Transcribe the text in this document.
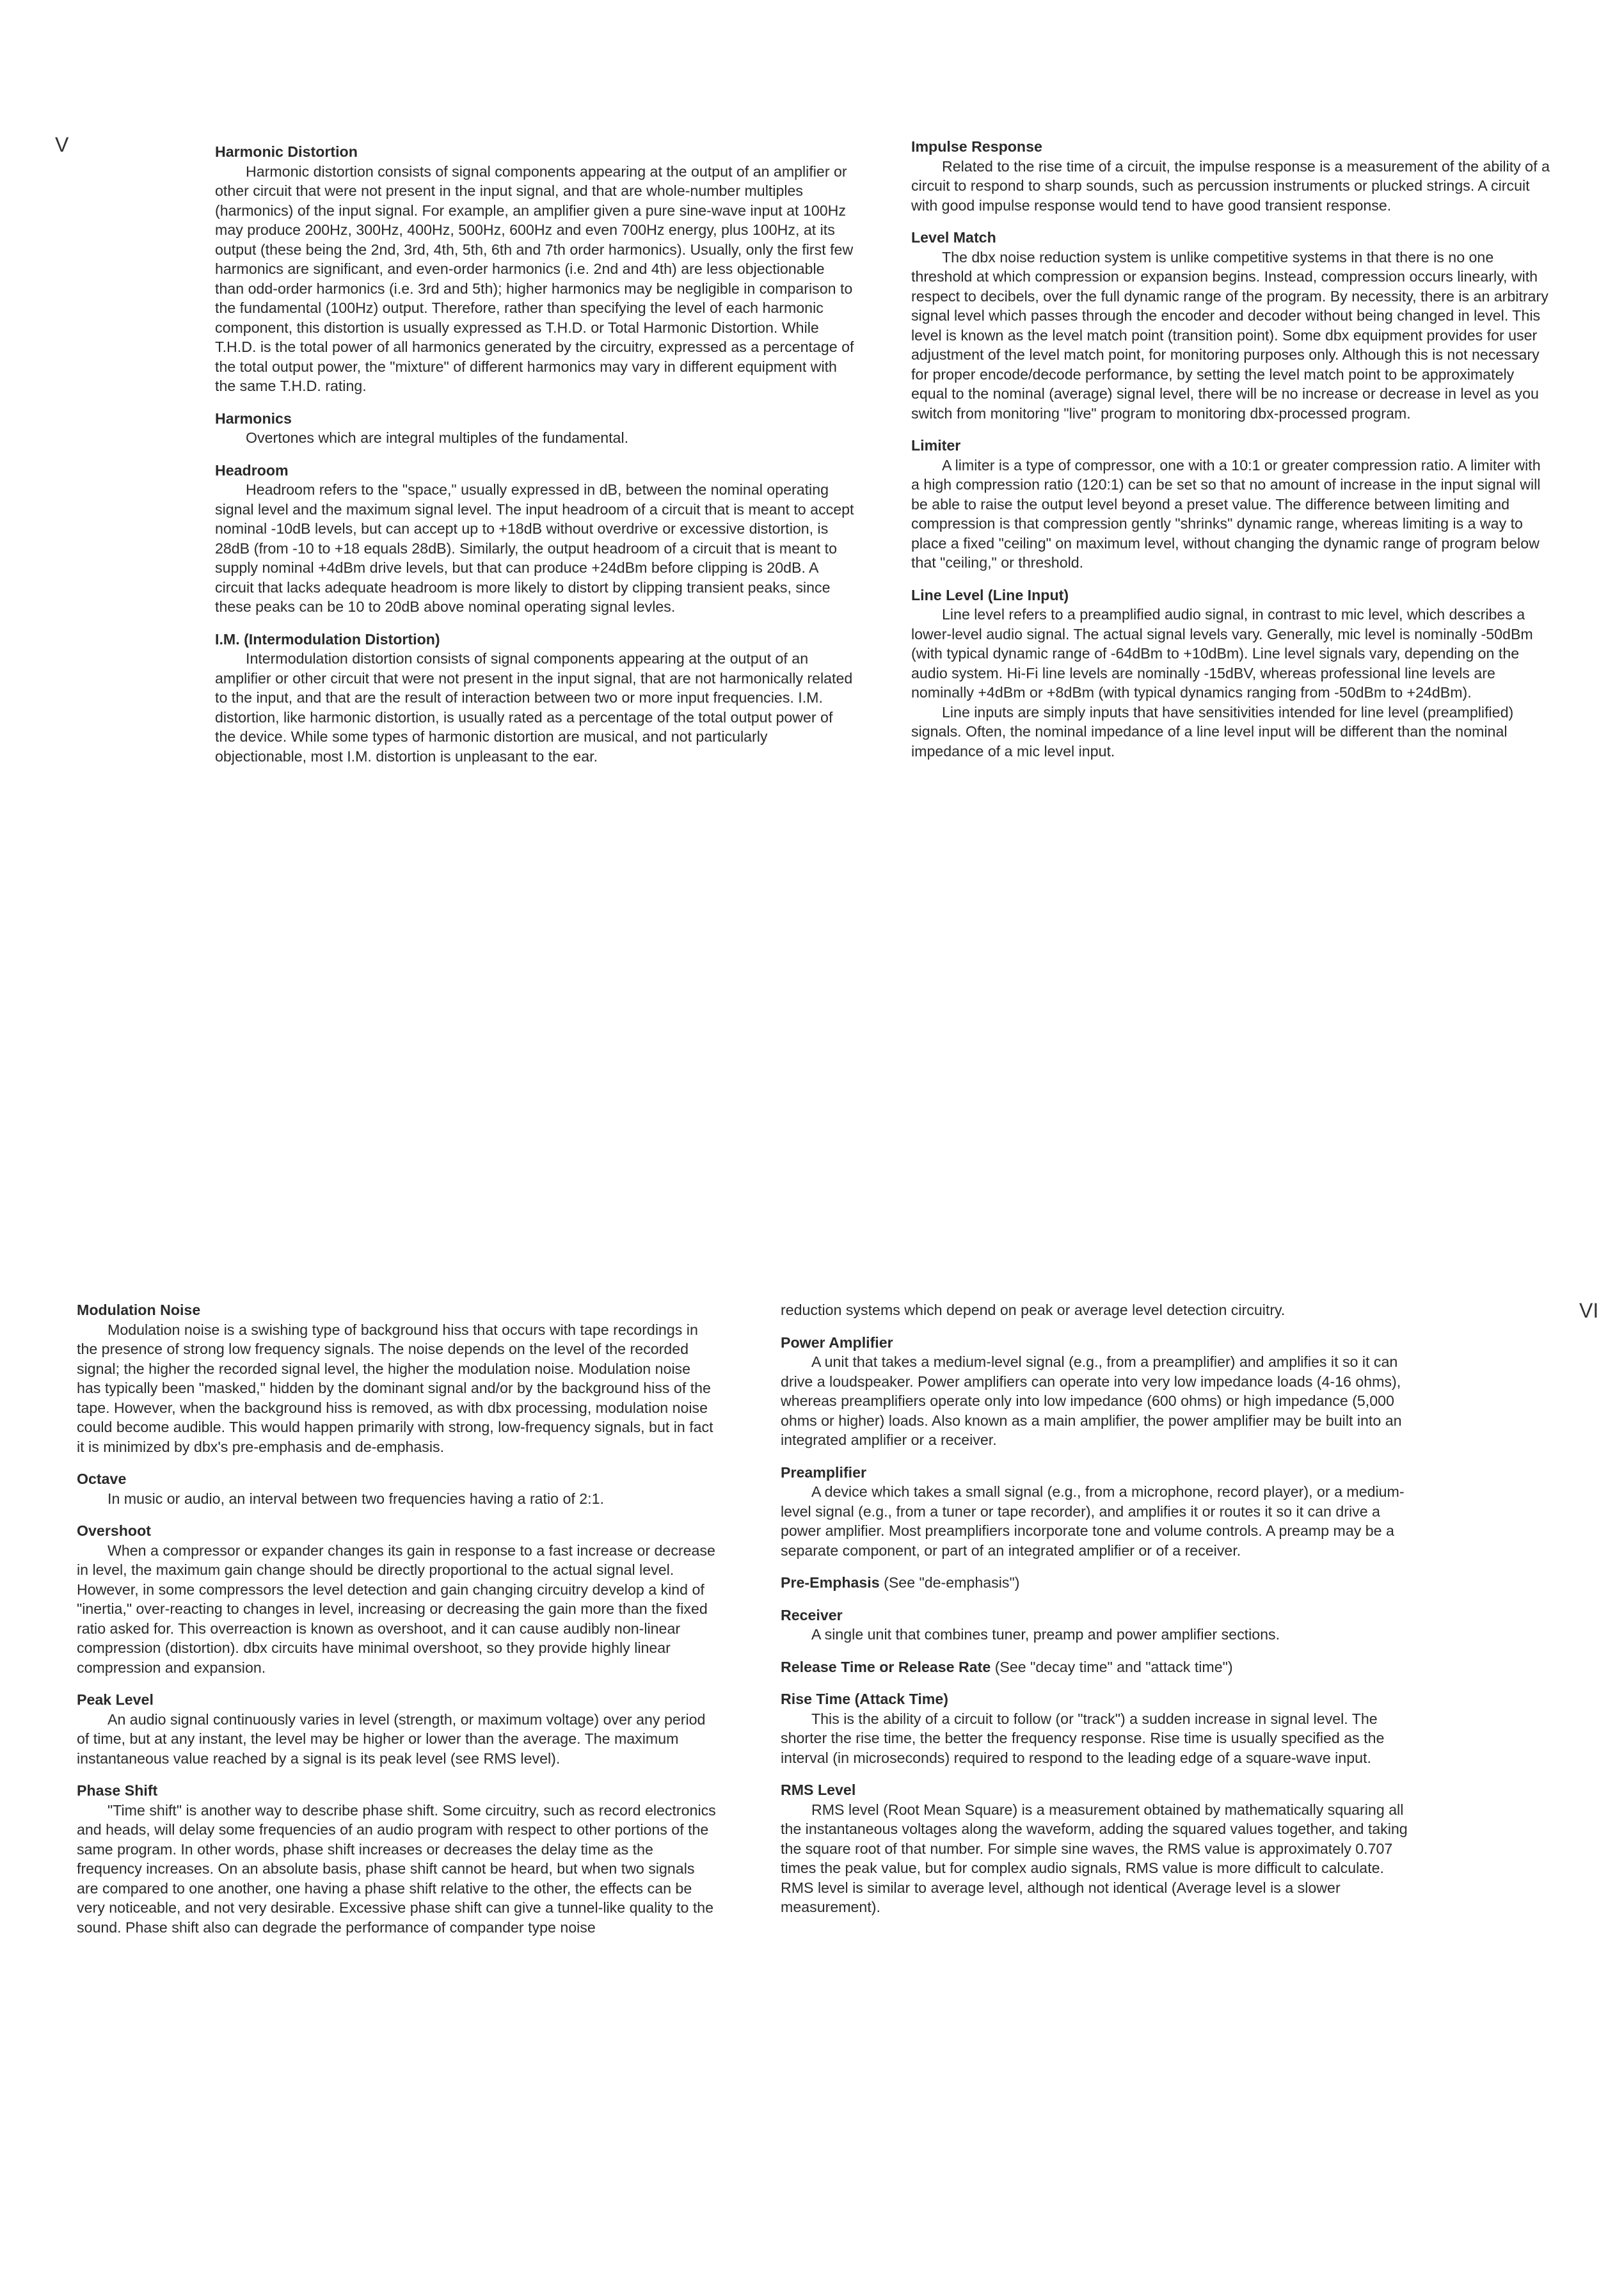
V
VI
Harmonic Distortion

Harmonic distortion consists of signal components appearing at the output of an amplifier or other circuit that were not present in the input signal, and that are whole-number multiples (harmonics) of the input signal. For example, an amplifier given a pure sine-wave input at 100Hz may produce 200Hz, 300Hz, 400Hz, 500Hz, 600Hz and even 700Hz energy, plus 100Hz, at its output (these being the 2nd, 3rd, 4th, 5th, 6th and 7th order harmonics). Usually, only the first few harmonics are significant, and even-order harmonics (i.e. 2nd and 4th) are less objectionable than odd-order harmonics (i.e. 3rd and 5th); higher harmonics may be negligible in comparison to the fundamental (100Hz) output. Therefore, rather than specifying the level of each harmonic component, this distortion is usually expressed as T.H.D. or Total Harmonic Distortion. While T.H.D. is the total power of all harmonics generated by the circuitry, expressed as a percentage of the total output power, the "mixture" of different harmonics may vary in different equipment with the same T.H.D. rating.

Harmonics

Overtones which are integral multiples of the fundamental.

Headroom

Headroom refers to the "space," usually expressed in dB, between the nominal operating signal level and the maximum signal level. The input headroom of a circuit that is meant to accept nominal -10dB levels, but can accept up to +18dB without overdrive or excessive distortion, is 28dB (from -10 to +18 equals 28dB). Similarly, the output headroom of a circuit that is meant to supply nominal +4dBm drive levels, but that can produce +24dBm before clipping is 20dB. A circuit that lacks adequate headroom is more likely to distort by clipping transient peaks, since these peaks can be 10 to 20dB above nominal operating signal levles.

I.M. (Intermodulation Distortion)

Intermodulation distortion consists of signal components appearing at the output of an amplifier or other circuit that were not present in the input signal, that are not harmonically related to the input, and that are the result of interaction between two or more input frequencies. I.M. distortion, like harmonic distortion, is usually rated as a percentage of the total output power of the device. While some types of harmonic distortion are musical, and not particularly objectionable, most I.M. distortion is unpleasant to the ear.

Impulse Response

Related to the rise time of a circuit, the impulse response is a measurement of the ability of a circuit to respond to sharp sounds, such as percussion instruments or plucked strings. A circuit with good impulse response would tend to have good transient response.

Level Match

The dbx noise reduction system is unlike competitive systems in that there is no one threshold at which compression or expansion begins. Instead, compression occurs linearly, with respect to decibels, over the full dynamic range of the program. By necessity, there is an arbitrary signal level which passes through the encoder and decoder without being changed in level. This level is known as the level match point (transition point). Some dbx equipment provides for user adjustment of the level match point, for monitoring purposes only. Although this is not necessary for proper encode/decode performance, by setting the level match point to be approximately equal to the nominal (average) signal level, there will be no increase or decrease in level as you switch from monitoring "live" program to monitoring dbx-processed program.

Limiter

A limiter is a type of compressor, one with a 10:1 or greater compression ratio. A limiter with a high compression ratio (120:1) can be set so that no amount of increase in the input signal will be able to raise the output level beyond a preset value. The difference between limiting and compression is that compression gently "shrinks" dynamic range, whereas limiting is a way to place a fixed "ceiling" on maximum level, without changing the dynamic range of program below that "ceiling," or threshold.

Line Level (Line Input)

Line level refers to a preamplified audio signal, in contrast to mic level, which describes a lower-level audio signal. The actual signal levels vary. Generally, mic level is nominally -50dBm (with typical dynamic range of -64dBm to +10dBm). Line level signals vary, depending on the audio system. Hi-Fi line levels are nominally -15dBV, whereas professional line levels are nominally +4dBm or +8dBm (with typical dynamics ranging from -50dBm to +24dBm).

Line inputs are simply inputs that have sensitivities intended for line level (preamplified) signals. Often, the nominal impedance of a line level input will be different than the nominal impedance of a mic level input.

Modulation Noise

Modulation noise is a swishing type of background hiss that occurs with tape recordings in the presence of strong low frequency signals. The noise depends on the level of the recorded signal; the higher the recorded signal level, the higher the modulation noise. Modulation noise has typically been "masked," hidden by the dominant signal and/or by the background hiss of the tape. However, when the background hiss is removed, as with dbx processing, modulation noise could become audible. This would happen primarily with strong, low-frequency signals, but in fact it is minimized by dbx's pre-emphasis and de-emphasis.

Octave

In music or audio, an interval between two frequencies having a ratio of 2:1.

Overshoot

When a compressor or expander changes its gain in response to a fast increase or decrease in level, the maximum gain change should be directly proportional to the actual signal level. However, in some compressors the level detection and gain changing circuitry develop a kind of "inertia," over-reacting to changes in level, increasing or decreasing the gain more than the fixed ratio asked for. This overreaction is known as overshoot, and it can cause audibly non-linear compression (distortion). dbx circuits have minimal overshoot, so they provide highly linear compression and expansion.

Peak Level

An audio signal continuously varies in level (strength, or maximum voltage) over any period of time, but at any instant, the level may be higher or lower than the average. The maximum instantaneous value reached by a signal is its peak level (see RMS level).

Phase Shift

"Time shift" is another way to describe phase shift. Some circuitry, such as record electronics and heads, will delay some frequencies of an audio program with respect to other portions of the same program. In other words, phase shift increases or decreases the delay time as the frequency increases. On an absolute basis, phase shift cannot be heard, but when two signals are compared to one another, one having a phase shift relative to the other, the effects can be very noticeable, and not very desirable. Excessive phase shift can give a tunnel-like quality to the sound. Phase shift also can degrade the performance of compander type noise

reduction systems which depend on peak or average level detection circuitry.

Power Amplifier

A unit that takes a medium-level signal (e.g., from a preamplifier) and amplifies it so it can drive a loudspeaker. Power amplifiers can operate into very low impedance loads (4-16 ohms), whereas preamplifiers operate only into low impedance (600 ohms) or high impedance (5,000 ohms or higher) loads. Also known as a main amplifier, the power amplifier may be built into an integrated amplifier or a receiver.

Preamplifier

A device which takes a small signal (e.g., from a microphone, record player), or a medium-level signal (e.g., from a tuner or tape recorder), and amplifies it or routes it so it can drive a power amplifier. Most preamplifiers incorporate tone and volume controls. A preamp may be a separate component, or part of an integrated amplifier or of a receiver.

Pre-Emphasis (See "de-emphasis")
Receiver

A single unit that combines tuner, preamp and power amplifier sections.

Release Time or Release Rate (See "decay time" and "attack time")
Rise Time (Attack Time)

This is the ability of a circuit to follow (or "track") a sudden increase in signal level. The shorter the rise time, the better the frequency response. Rise time is usually specified as the interval (in microseconds) required to respond to the leading edge of a square-wave input.

RMS Level

RMS level (Root Mean Square) is a measurement obtained by mathematically squaring all the instantaneous voltages along the waveform, adding the squared values together, and taking the square root of that number. For simple sine waves, the RMS value is approximately 0.707 times the peak value, but for complex audio signals, RMS value is more difficult to calculate. RMS level is similar to average level, although not identical (Average level is a slower measurement).
